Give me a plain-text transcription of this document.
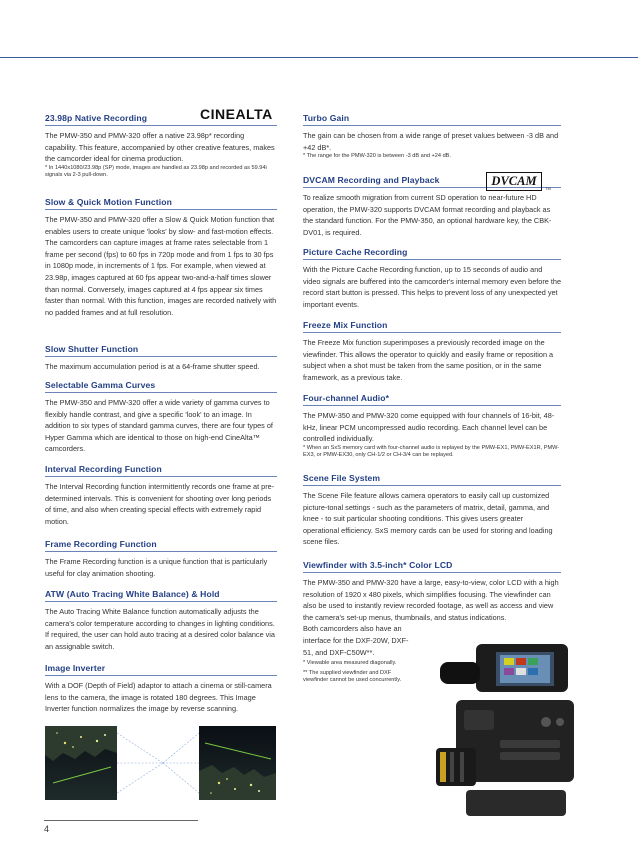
23.98p Native Recording

The PMW-350 and PMW-320 offer a native 23.98p* recording capability. This feature, accompanied by other creative features, makes the camcorder ideal for cinema production.

* In 1440x1080/23.98p (SP) mode, images are handled as 23.98p and recorded as 59.94i signals via 2-3 pull-down.

Slow & Quick Motion Function

The PMW-350 and PMW-320 offer a Slow & Quick Motion function that enables users to create unique 'looks' by slow- and fast-motion effects. The camcorders can capture images at frame rates selectable from 1 frame per second (fps) to 60 fps in 720p mode and from 1 fps to 30 fps in 1080p mode, in increments of 1 fps. For example, when viewed at 23.98p, images captured at 60 fps appear two-and-a-half times slower than normal. Conversely, images captured at 4 fps appear six times faster than normal. With this function, images are recorded natively with no padded frames and at full resolution.

Slow Shutter Function

The maximum accumulation period is at a 64-frame shutter speed.

Selectable Gamma Curves

The PMW-350 and PMW-320 offer a wide variety of gamma curves to flexibly handle contrast, and give a specific 'look' to an image. In addition to six types of standard gamma curves, there are four types of Hyper Gamma which are identical to those on high-end CineAlta™ camcorders.

Interval Recording Function

The Interval Recording function intermittently records one frame at pre-determined intervals. This is convenient for shooting over long periods of time, and also when creating special effects with extremely rapid motion.

Frame Recording Function

The Frame Recording function is a unique function that is particularly useful for clay animation shooting.

ATW (Auto Tracing White Balance) & Hold

The Auto Tracing White Balance function automatically adjusts the camera's color temperature according to changes in lighting conditions. If required, the user can hold auto tracing at a desired color balance via an assignable switch.

Image Inverter

With a DOF (Depth of Field) adaptor to attach a cinema or still-camera lens to the camera, the image is rotated 180 degrees. This Image Inverter function normalizes the image by reverse scanning.

CINEALTA	Turbo Gain

The gain can be chosen from a wide range of preset values between -3 dB and +42 dB*.

* The range for the PMW-320 is between -3 dB and +24 dB.

DVCAM Recording and Playback

To realize smooth migration from current SD operation to near-future HD operation, the PMW-320 supports DVCAM format recording and playback as the standard function. For the PMW-350, an optional hardware key, the CBK-DV01, is required.

Picture Cache Recording

With the Picture Cache Recording function, up to 15 seconds of audio and video signals are buffered into the camcorder's internal memory even before the record start button is pressed. This helps to prevent loss of any unexpected yet important events.

Freeze Mix Function

The Freeze Mix function superimposes a previously recorded image on the viewfinder. This allows the operator to quickly and easily frame or reposition a subject when a shot must be taken from the same position, or in the same framework, as a previous take.

Four-channel Audio*

The PMW-350 and PMW-320 come equipped with four channels of 16-bit, 48-kHz, linear PCM uncompressed audio recording. Each channel level can be controlled individually.

* When an SxS memory card with four-channel audio is replayed by the PMW-EX1, PMW-EX1R, PMW-EX3, or PMW-EX30, only CH-1/2 or CH-3/4 can be replayed.

Scene File System

The Scene File feature allows camera operators to easily call up customized picture-tonal settings - such as the parameters of matrix, detail, gamma, and knee - to suit particular shooting conditions. This gives users greater operational efficiency. SxS memory cards can be used for storing and loading scene files.

Viewfinder with 3.5-inch* Color LCD

The PMW-350 and PMW-320 have a large, easy-to-view, color LCD with a high resolution of 1920 x 480 pixels, which simplifies focusing. The viewfinder can also be used to instantly review recorded footage, as well as access and view the camera's set-up menus, thumbnails, and status indications.

Both camcorders also have an interface for the DXF-20W, DXF-51, and DXF-C50W**.

* Viewable area measured diagonally.

** The supplied viewfinder and DXF viewfinder cannot be used concurrently.

DVCAM
TM
4
